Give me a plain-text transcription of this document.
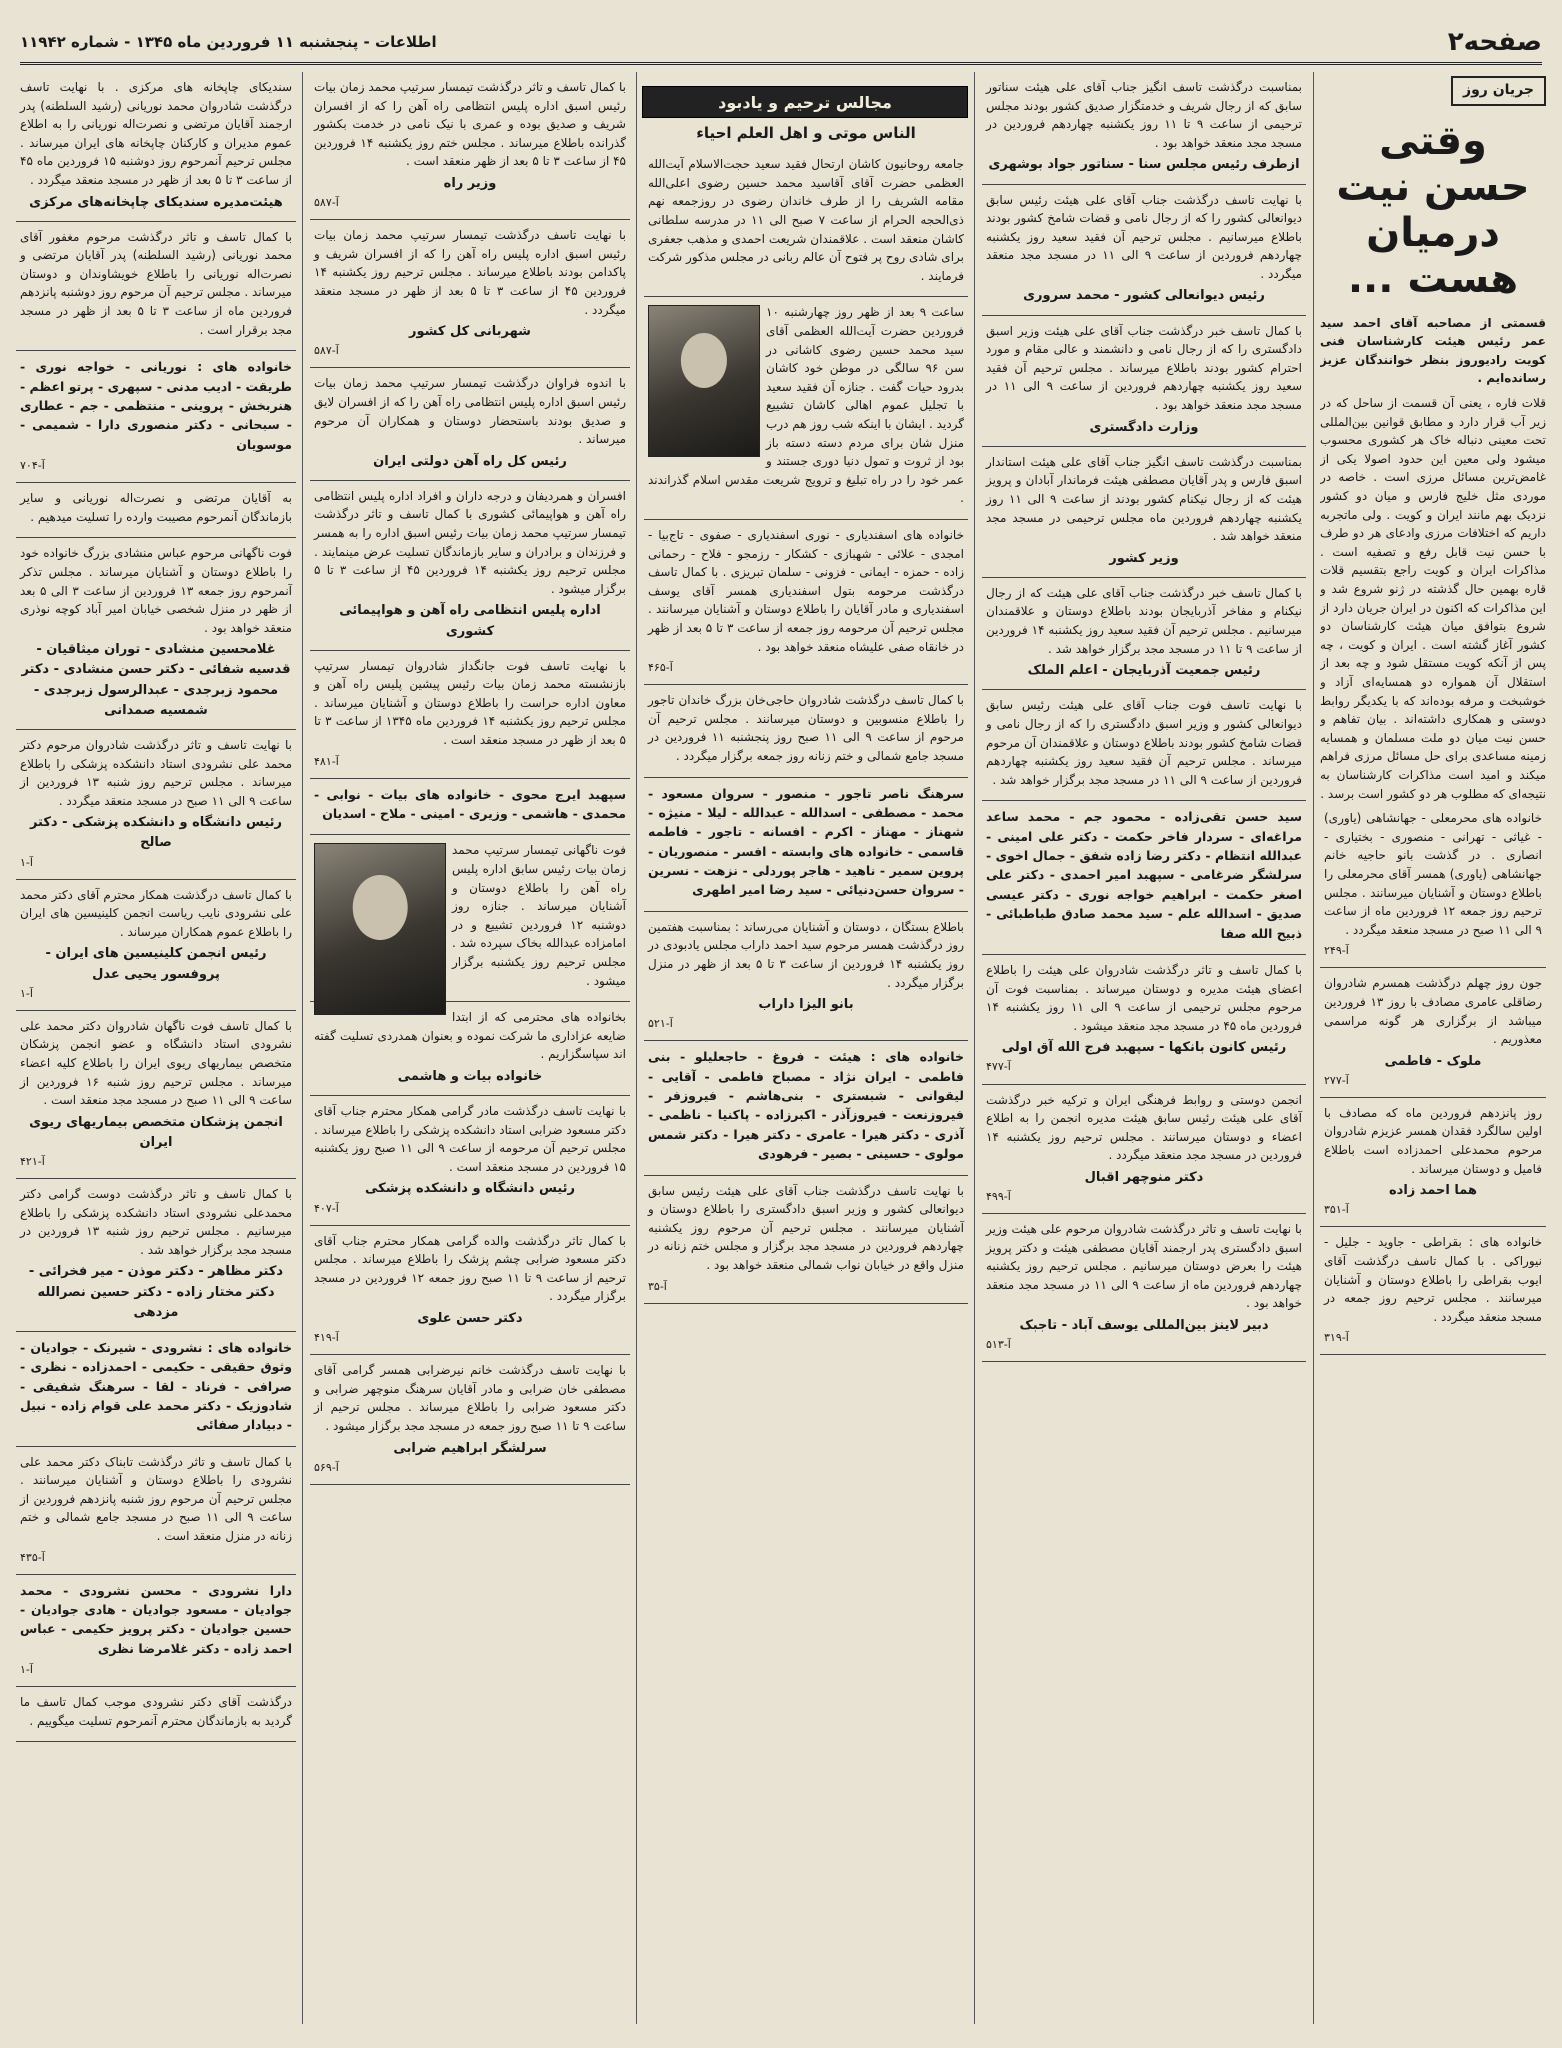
صفحه۲
اطلاعات - پنجشنبه ۱۱ فروردین ماه ۱۳۴۵ - شماره ۱۱۹۴۲
جریان روز
وقتی حسن نیت درمیان هست ...

قسمتی از مصاحبه آقای احمد سید عمر رئیس هیئت کارشناسان فنی کویت رادیوروز بنظر خوانندگان عزیز رسانده‌ایم .

قلات فاره ، یعنی آن قسمت از ساحل که در زیر آب قرار دارد و مطابق قوانین بین‌المللی تحت معینی دنباله خاک هر کشوری محسوب میشود ولی معین این حدود اصولا یکی از غامض‌ترین مسائل مرزی است . خاصه در موردی مثل خلیج فارس و میان دو کشور نزدیک بهم مانند ایران و کویت . ولی ماتجربه داریم که اختلافات مرزی وادعای هر دو طرف با حسن نیت قابل رفع و تصفیه است . مذاکرات ایران و کویت راجع بتقسیم قلات قاره بهمین حال گذشته در ژنو شروع شد و این مذاکرات که اکنون در ایران جریان دارد از شروع بتوافق میان هیئت کارشناسان دو کشور آغاز گشته است . ایران و کویت ، چه پس از آنکه کویت مستقل شود و چه بعد از استقلال آن همواره دو همسایه‌ای آزاد و خوشبخت و مرفه بوده‌اند که با یکدیگر روابط دوستی و همکاری داشته‌اند . بیان تفاهم و حسن نیت میان دو ملت مسلمان و همسایه زمینه مساعدی برای حل مسائل مرزی فراهم میکند و امید است مذاکرات کارشناسان به نتیجه‌ای که مطلوب هر دو کشور است برسد .

خانواده های محرمعلی - جهانشاهی (یاوری) - غیاثی - تهرانی - منصوری - بختیاری - انصاری . در گذشت بانو حاجیه خانم جهانشاهی (یاوری) همسر آقای محرمعلی را باطلاع دوستان و آشنایان میرسانند . مجلس ترحیم روز جمعه ۱۲ فروردین ماه از ساعت ۹ الی ۱۱ صبح در مسجد منعقد میگردد .

آ-۲۴۹

جون روز چهلم درگذشت همسرم شادروان رضاقلی عامری مصادف با روز ۱۳ فروردین میباشد از برگزاری هر گونه مراسمی معذوریم .

ملوک - فاطمی
آ-۲۷۷

روز پانزدهم فروردین ماه که مصادف با اولین سالگرد فقدان همسر عزیزم شادروان مرحوم محمدعلی احمدزاده است باطلاع فامیل و دوستان میرساند .

هما احمد زاده
آ-۳۵۱

خانواده های : بقراطی - جاوید - جلیل - نیوراکی . با کمال تاسف درگذشت آقای ایوب بقراطی را باطلاع دوستان و آشنایان میرسانند . مجلس ترحیم روز جمعه در مسجد منعقد میگردد .

آ-۳۱۹

بمناسبت درگذشت تاسف انگیز جناب آقای علی هیئت سناتور سابق که از رجال شریف و خدمتگزار صدیق کشور بودند مجلس ترحیمی از ساعت ۹ تا ۱۱ روز یکشنبه چهاردهم فروردین در مسجد مجد منعقد خواهد بود .

ازطرف رئیس مجلس سنا - سناتور جواد بوشهری

با نهایت تاسف درگذشت جناب آقای علی هیئت رئیس سابق دیوانعالی کشور را که از رجال نامی و قضات شامخ کشور بودند باطلاع میرسانیم . مجلس ترحیم آن فقید سعید روز یکشنبه چهاردهم فروردین از ساعت ۹ الی ۱۱ در مسجد مجد منعقد میگردد .

رئیس دیوانعالی کشور - محمد سروری

با کمال تاسف خبر درگذشت جناب آقای علی هیئت وزیر اسبق دادگستری را که از رجال نامی و دانشمند و عالی مقام و مورد احترام کشور بودند باطلاع میرساند . مجلس ترحیم آن فقید سعید روز یکشنبه چهاردهم فروردین از ساعت ۹ الی ۱۱ در مسجد مجد منعقد خواهد بود .

وزارت دادگستری

بمناسبت درگذشت تاسف انگیز جناب آقای علی هیئت استاندار اسبق فارس و پدر آقایان مصطفی هیئت فرماندار آبادان و پرویز هیئت که از رجال نیکنام کشور بودند از ساعت ۹ الی ۱۱ روز یکشنبه چهاردهم فروردین ماه مجلس ترحیمی در مسجد مجد منعقد خواهد شد .

وزیر کشور

با کمال تاسف خبر درگذشت جناب آقای علی هیئت که از رجال نیکنام و مفاخر آذربایجان بودند باطلاع دوستان و علاقمندان میرسانیم . مجلس ترحیم آن فقید سعید روز یکشنبه ۱۴ فروردین از ساعت ۹ تا ۱۱ در مسجد مجد برگزار خواهد شد .

رئیس جمعیت آذربایجان - اعلم الملک

با نهایت تاسف فوت جناب آقای علی هیئت رئیس سابق دیوانعالی کشور و وزیر اسبق دادگستری را که از رجال نامی و قضات شامخ کشور بودند باطلاع دوستان و علاقمندان آن مرحوم میرساند . مجلس ترحیم آن فقید سعید روز یکشنبه چهاردهم فروردین از ساعت ۹ الی ۱۱ در مسجد مجد برگزار خواهد شد .

سید حسن تقی‌زاده - محمود جم - محمد ساعد مراغه‌ای - سردار فاخر حکمت - دکتر علی امینی - عبدالله انتظام - دکتر رضا زاده شفق - جمال اخوی - سرلشگر ضرغامی - سپهبد امیر احمدی - دکتر علی اصغر حکمت - ابراهیم خواجه نوری - دکتر عیسی صدیق - اسدالله علم - سید محمد صادق طباطبائی - ذبیح الله صفا

با کمال تاسف و تاثر درگذشت شادروان علی هیئت را باطلاع اعضای هیئت مدیره و دوستان میرساند . بمناسبت فوت آن مرحوم مجلس ترحیمی از ساعت ۹ الی ۱۱ روز یکشنبه ۱۴ فروردین ماه ۴۵ در مسجد مجد منعقد میشود .

رئیس کانون بانکها - سپهبد فرج الله آق اولی
آ-۴۷۷

انجمن دوستی و روابط فرهنگی ایران و ترکیه خبر درگذشت آقای علی هیئت رئیس سابق هیئت مدیره انجمن را به اطلاع اعضاء و دوستان میرسانند . مجلس ترحیم روز یکشنبه ۱۴ فروردین در مسجد مجد منعقد میگردد .

دکتر منوچهر اقبال
آ-۴۹۹

با نهایت تاسف و تاثر درگذشت شادروان مرحوم علی هیئت وزیر اسبق دادگستری پدر ارجمند آقایان مصطفی هیئت و دکتر پرویز هیئت را بعرض دوستان میرسانیم . مجلس ترحیم روز یکشنبه چهاردهم فروردین ماه از ساعت ۹ الی ۱۱ در مسجد مجد منعقد خواهد بود .

دبیر لاینز بین‌المللی یوسف آباد - تاجبک
آ-۵۱۳
مجالس ترحیم و یادبود
الناس موتی و اهل العلم احیاء

جامعه روحانیون کاشان ارتحال فقید سعید حجت‌الاسلام آیت‌الله العظمی حضرت آقای آقاسید محمد حسین رضوی اعلی‌الله مقامه الشریف را از طرف خاندان رضوی در روزجمعه نهم ذی‌الحجه الحرام از ساعت ۷ صبح الی ۱۱ در مدرسه سلطانی کاشان منعقد است . علاقمندان شریعت احمدی و مذهب جعفری برای شادی روح پر فتوح آن عالم ربانی در مجلس مذکور شرکت فرمایند .

ساعت ۹ بعد از ظهر روز چهارشنبه ۱۰ فروردین حضرت آیت‌الله العظمی آقای سید محمد حسین رضوی کاشانی در سن ۹۶ سالگی در موطن خود کاشان بدرود حیات گفت . جنازه آن فقید سعید با تجلیل عموم اهالی کاشان تشییع گردید . ایشان با اینکه شب روز هم درب منزل شان برای مردم دسته دسته باز بود از ثروت و تمول دنیا دوری جستند و عمر خود را در راه تبلیغ و ترویج شریعت مقدس اسلام گذراندند .

خانواده های اسفندیاری - نوری اسفندیاری - صفوی - تاج‌بیا - امجدی - علائی - شهبازی - کشکار - رزمجو - فلاح - رحمانی زاده - حمزه - ایمانی - فزونی - سلمان تبریزی . با کمال تاسف درگذشت مرحومه بتول اسفندیاری همسر آقای یوسف اسفندیاری و مادر آقایان را باطلاع دوستان و آشنایان میرسانند . مجلس ترحیم آن مرحومه روز جمعه از ساعت ۳ تا ۵ بعد از ظهر در خانقاه صفی علیشاه منعقد خواهد بود .

آ-۴۶۵

با کمال تاسف درگذشت شادروان حاجی‌خان بزرگ خاندان تاجور را باطلاع منسوبین و دوستان میرسانند . مجلس ترحیم آن مرحوم از ساعت ۹ الی ۱۱ صبح روز پنجشنبه ۱۱ فروردین در مسجد جامع شمالی و ختم زنانه روز جمعه برگزار میگردد .

سرهنگ ناصر تاجور - منصور - سروان مسعود - محمد - مصطفی - اسدالله - عبدالله - لیلا - منیژه - شهناز - مهناز - اکرم - افسانه - تاجور - فاطمه قاسمی - خانواده های وابسته - افسر - منصوریان - پروین سمیر - ناهید - هاجر پوردلی - نزهت - نسرین - سروان حسن‌دنیائی - سید رضا امیر اطهری

باطلاع بستگان ، دوستان و آشنایان می‌رساند : بمناسبت هفتمین روز درگذشت همسر مرحوم سید احمد داراب مجلس یادبودی در روز یکشنبه ۱۴ فروردین از ساعت ۳ تا ۵ بعد از ظهر در منزل برگزار میگردد .

بانو الیزا داراب
آ-۵۲۱

خانواده های : هیئت - فروغ - حاجعلیلو - بنی فاطمی - ایران نژاد - مصباح فاطمی - آقایی - لیقوانی - شبستری - بنی‌هاشم - فیروزفر - فیروزنعت - فیروزآذر - اکبرزاده - پاکنیا - ناظمی - آذری - دکتر هیرا - عامری - دکتر هیرا - دکتر شمس مولوی - حسینی - بصیر - فرهودی

با نهایت تاسف درگذشت جناب آقای علی هیئت رئیس سابق دیوانعالی کشور و وزیر اسبق دادگستری را باطلاع دوستان و آشنایان میرسانند . مجلس ترحیم آن مرحوم روز یکشنبه چهاردهم فروردین در مسجد مجد برگزار و مجلس ختم زنانه در منزل واقع در خیابان نواب شمالی منعقد خواهد بود .

آ-۳۵

با کمال تاسف و تاثر درگذشت تیمسار سرتیپ محمد زمان بیات رئیس اسبق اداره پلیس انتظامی راه آهن را که از افسران شریف و صدیق بوده و عمری با نیک نامی در خدمت بکشور گذرانده باطلاع میرساند . مجلس ختم روز یکشنبه ۱۴ فروردین ۴۵ از ساعت ۳ تا ۵ بعد از ظهر منعقد است .

وزیر راه
آ-۵۸۷

با نهایت تاسف درگذشت تیمسار سرتیپ محمد زمان بیات رئیس اسبق اداره پلیس راه آهن را که از افسران شریف و پاکدامن بودند باطلاع میرساند . مجلس ترحیم روز یکشنبه ۱۴ فروردین ۴۵ از ساعت ۳ تا ۵ بعد از ظهر در مسجد منعقد میگردد .

شهربانی کل کشور
آ-۵۸۷

با اندوه فراوان درگذشت تیمسار سرتیپ محمد زمان بیات رئیس اسبق اداره پلیس انتظامی راه آهن را که از افسران لایق و صدیق بودند باستحضار دوستان و همکاران آن مرحوم میرساند .

رئیس کل راه آهن دولتی ایران

افسران و همردیفان و درجه داران و افراد اداره پلیس انتظامی راه آهن و هواپیمائی کشوری با کمال تاسف و تاثر درگذشت تیمسار سرتیپ محمد زمان بیات رئیس اسبق اداره را به همسر و فرزندان و برادران و سایر بازماندگان تسلیت عرض مینمایند . مجلس ترحیم روز یکشنبه ۱۴ فروردین ۴۵ از ساعت ۳ تا ۵ برگزار میشود .

اداره پلیس انتظامی راه آهن و هواپیمائی کشوری

با نهایت تاسف فوت جانگداز شادروان تیمسار سرتیپ بازنشسته محمد زمان بیات رئیس پیشین پلیس راه آهن و معاون اداره حراست را باطلاع دوستان و آشنایان میرساند . مجلس ترحیم روز یکشنبه ۱۴ فروردین ماه ۱۳۴۵ از ساعت ۳ تا ۵ بعد از ظهر در مسجد منعقد است .

آ-۴۸۱

سپهبد ایرج محوی - خانواده های بیات - نوابی - محمدی - هاشمی - وزیری - امینی - ملاح - اسدیان

فوت ناگهانی تیمسار سرتیپ محمد زمان بیات رئیس سابق اداره پلیس راه آهن را باطلاع دوستان و آشنایان میرساند . جنازه روز دوشنبه ۱۲ فروردین تشییع و در امامزاده عبدالله بخاک سپرده شد . مجلس ترحیم روز یکشنبه برگزار میشود .

بخانواده های محترمی که از ابتدا ضایعه عزاداری ما شرکت نموده و بعنوان همدردی تسلیت گفته اند سپاسگزاریم .

خانواده بیات و هاشمی

با نهایت تاسف درگذشت مادر گرامی همکار محترم جناب آقای دکتر مسعود ضرابی استاد دانشکده پزشکی را باطلاع میرساند . مجلس ترحیم آن مرحومه از ساعت ۹ الی ۱۱ صبح روز یکشنبه ۱۵ فروردین در مسجد منعقد است .

رئیس دانشگاه و دانشکده پزشکی
آ-۴۰۷

با کمال تاثر درگذشت والده گرامی همکار محترم جناب آقای دکتر مسعود ضرابی چشم پزشک را باطلاع میرساند . مجلس ترحیم از ساعت ۹ تا ۱۱ صبح روز جمعه ۱۲ فروردین در مسجد برگزار میگردد .

دکتر حسن علوی
آ-۴۱۹

با نهایت تاسف درگذشت خانم نیرضرابی همسر گرامی آقای مصطفی خان ضرابی و مادر آقایان سرهنگ منوچهر ضرابی و دکتر مسعود ضرابی را باطلاع میرساند . مجلس ترحیم از ساعت ۹ تا ۱۱ صبح روز جمعه در مسجد مجد برگزار میشود .

سرلشگر ابراهیم ضرابی
آ-۵۶۹

سندیکای چاپخانه های مرکزی . با نهایت تاسف درگذشت شادروان محمد نوریانی (رشید السلطنه) پدر ارجمند آقایان مرتضی و نصرت‌اله نوریانی را به اطلاع عموم مدیران و کارکنان چاپخانه های ایران میرساند . مجلس ترحیم آنمرحوم روز دوشنبه ۱۵ فروردین ماه ۴۵ از ساعت ۳ تا ۵ بعد از ظهر در مسجد منعقد میگردد .

هیئت‌مدیره سندیکای چاپخانه‌های مرکزی

با کمال تاسف و تاثر درگذشت مرحوم مغفور آقای محمد نوریانی (رشید السلطنه) پدر آقایان مرتضی و نصرت‌اله نوریانی را باطلاع خویشاوندان و دوستان میرساند . مجلس ترحیم آن مرحوم روز دوشنبه پانزدهم فروردین ماه از ساعت ۳ تا ۵ بعد از ظهر در مسجد مجد برقرار است .

خانواده های : نوریانی - خواجه نوری - طریقت - ادیب مدنی - سپهری - پرتو اعظم - هنربخش - پروینی - منتظمی - جم - عطاری - سبحانی - دکتر منصوری دارا - شمیمی - موسویان

آ-۷۰۴

به آقایان مرتضی و نصرت‌اله نوریانی و سایر بازماندگان آنمرحوم مصیبت وارده را تسلیت میدهیم .

فوت ناگهانی مرحوم عباس منشادی بزرگ خانواده خود را باطلاع دوستان و آشنایان میرساند . مجلس تذکر آنمرحوم روز جمعه ۱۳ فروردین از ساعت ۳ الی ۵ بعد از ظهر در منزل شخصی خیابان امیر آباد کوچه نوذری منعقد خواهد بود .

غلامحسین منشادی - توران میثاقیان - قدسیه شفائی - دکتر حسن منشادی - دکتر محمود زبرجدی - عبدالرسول زبرجدی - شمسیه صمدانی

با نهایت تاسف و تاثر درگذشت شادروان مرحوم دکتر محمد علی نشرودی استاد دانشکده پزشکی را باطلاع میرساند . مجلس ترحیم روز شنبه ۱۳ فروردین از ساعت ۹ الی ۱۱ صبح در مسجد منعقد میگردد .

رئیس دانشگاه و دانشکده پزشکی - دکتر صالح
آ-۱

با کمال تاسف درگذشت همکار محترم آقای دکتر محمد علی نشرودی نایب ریاست انجمن کلینیسین های ایران را باطلاع عموم همکاران میرساند .

رئیس انجمن کلینیسین های ایران - پروفسور یحیی عدل
آ-۱

با کمال تاسف فوت ناگهان شادروان دکتر محمد علی نشرودی استاد دانشگاه و عضو انجمن پزشکان متخصص بیماریهای ریوی ایران را باطلاع کلیه اعضاء میرساند . مجلس ترحیم روز شنبه ۱۶ فروردین از ساعت ۹ الی ۱۱ صبح در مسجد مجد منعقد است .

انجمن پزشکان متخصص بیماریهای ریوی ایران
آ-۴۲۱

با کمال تاسف و تاثر درگذشت دوست گرامی دکتر محمدعلی نشرودی استاد دانشکده پزشکی را باطلاع میرسانیم . مجلس ترحیم روز شنبه ۱۳ فروردین در مسجد مجد برگزار خواهد شد .

دکتر مظاهر - دکتر موذن - میر فخرائی - دکتر مختار زاده - دکتر حسین نصرالله مزدهی

خانواده های : نشرودی - شیرنک - جوادیان - وثوق حقیقی - حکیمی - احمدزاده - نظری - صرافی - فرناد - لقا - سرهنگ شفیقی - شادوزیک - دکتر محمد علی قوام زاده - نبیل - دبیادار صفائی

با کمال تاسف و تاثر درگذشت تابناک دکتر محمد علی نشرودی را باطلاع دوستان و آشنایان میرسانند . مجلس ترحیم آن مرحوم روز شنبه پانزدهم فروردین از ساعت ۹ الی ۱۱ صبح در مسجد جامع شمالی و ختم زنانه در منزل منعقد است .

آ-۴۳۵

دارا نشرودی - محسن نشرودی - محمد جوادیان - مسعود جوادیان - هادی جوادیان - حسین جوادیان - دکتر پرویز حکیمی - عباس احمد زاده - دکتر غلامرضا نظری

آ-۱

درگذشت آقای دکتر نشرودی موجب کمال تاسف ما گردید به بازماندگان محترم آنمرحوم تسلیت میگوییم .
